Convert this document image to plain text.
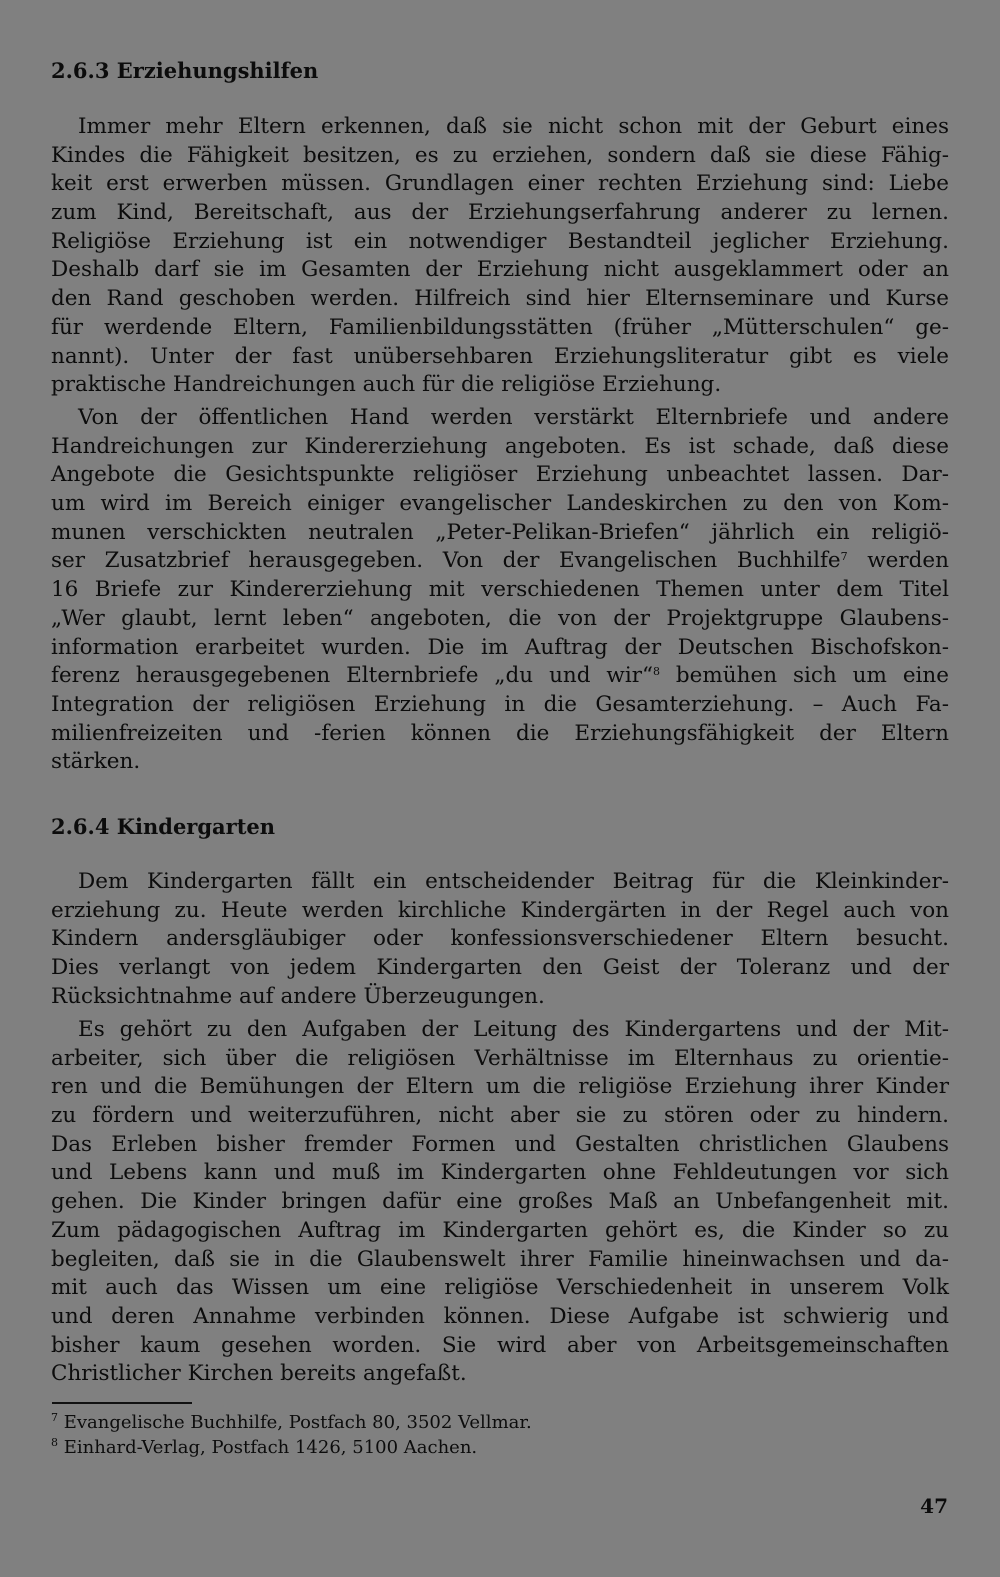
2.6.3 Erziehungshilfen

Immer mehr Eltern erkennen, daß sie nicht schon mit der Geburt eines
Kindes die Fähigkeit besitzen, es zu erziehen, sondern daß sie diese Fähig-
keit erst erwerben müssen. Grundlagen einer rechten Erziehung sind: Liebe
zum Kind, Bereitschaft, aus der Erziehungserfahrung anderer zu lernen.
Religiöse Erziehung ist ein notwendiger Bestandteil jeglicher Erziehung.
Deshalb darf sie im Gesamten der Erziehung nicht ausgeklammert oder an
den Rand geschoben werden. Hilfreich sind hier Elternseminare und Kurse
für werdende Eltern, Familienbildungsstätten (früher „Mütterschulen“ ge-
nannt). Unter der fast unübersehbaren Erziehungsliteratur gibt es viele
praktische Handreichungen auch für die religiöse Erziehung.

Von der öffentlichen Hand werden verstärkt Elternbriefe und andere
Handreichungen zur Kindererziehung angeboten. Es ist schade, daß diese
Angebote die Gesichtspunkte religiöser Erziehung unbeachtet lassen. Dar-
um wird im Bereich einiger evangelischer Landeskirchen zu den von Kom-
munen verschickten neutralen „Peter-Pelikan-Briefen“ jährlich ein religiö-
ser Zusatzbrief herausgegeben. Von der Evangelischen Buchhilfe$^7$ werden
16 Briefe zur Kindererziehung mit verschiedenen Themen unter dem Titel
„Wer glaubt, lernt leben“ angeboten, die von der Projektgruppe Glaubens-
information erarbeitet wurden. Die im Auftrag der Deutschen Bischofskon-
ferenz herausgegebenen Elternbriefe „du und wir“$^8$ bemühen sich um eine
Integration der religiösen Erziehung in die Gesamterziehung. – Auch Fa-
milienfreizeiten und -ferien können die Erziehungsfähigkeit der Eltern
stärken.

2.6.4 Kindergarten

Dem Kindergarten fällt ein entscheidender Beitrag für die Kleinkinder-
erziehung zu. Heute werden kirchliche Kindergärten in der Regel auch von
Kindern andersgläubiger oder konfessionsverschiedener Eltern besucht.
Dies verlangt von jedem Kindergarten den Geist der Toleranz und der
Rücksichtnahme auf andere Überzeugungen.

Es gehört zu den Aufgaben der Leitung des Kindergartens und der Mit-
arbeiter, sich über die religiösen Verhältnisse im Elternhaus zu orientie-
ren und die Bemühungen der Eltern um die religiöse Erziehung ihrer Kinder
zu fördern und weiterzuführen, nicht aber sie zu stören oder zu hindern.
Das Erleben bisher fremder Formen und Gestalten christlichen Glaubens
und Lebens kann und muß im Kindergarten ohne Fehldeutungen vor sich
gehen. Die Kinder bringen dafür eine großes Maß an Unbefangenheit mit.
Zum pädagogischen Auftrag im Kindergarten gehört es, die Kinder so zu
begleiten, daß sie in die Glaubenswelt ihrer Familie hineinwachsen und da-
mit auch das Wissen um eine religiöse Verschiedenheit in unserem Volk
und deren Annahme verbinden können. Diese Aufgabe ist schwierig und
bisher kaum gesehen worden. Sie wird aber von Arbeitsgemeinschaften
Christlicher Kirchen bereits angefaßt.

$^7$ Evangelische Buchhilfe, Postfach 80, 3502 Vellmar.

$^8$ Einhard-Verlag, Postfach 1426, 5100 Aachen.

47
